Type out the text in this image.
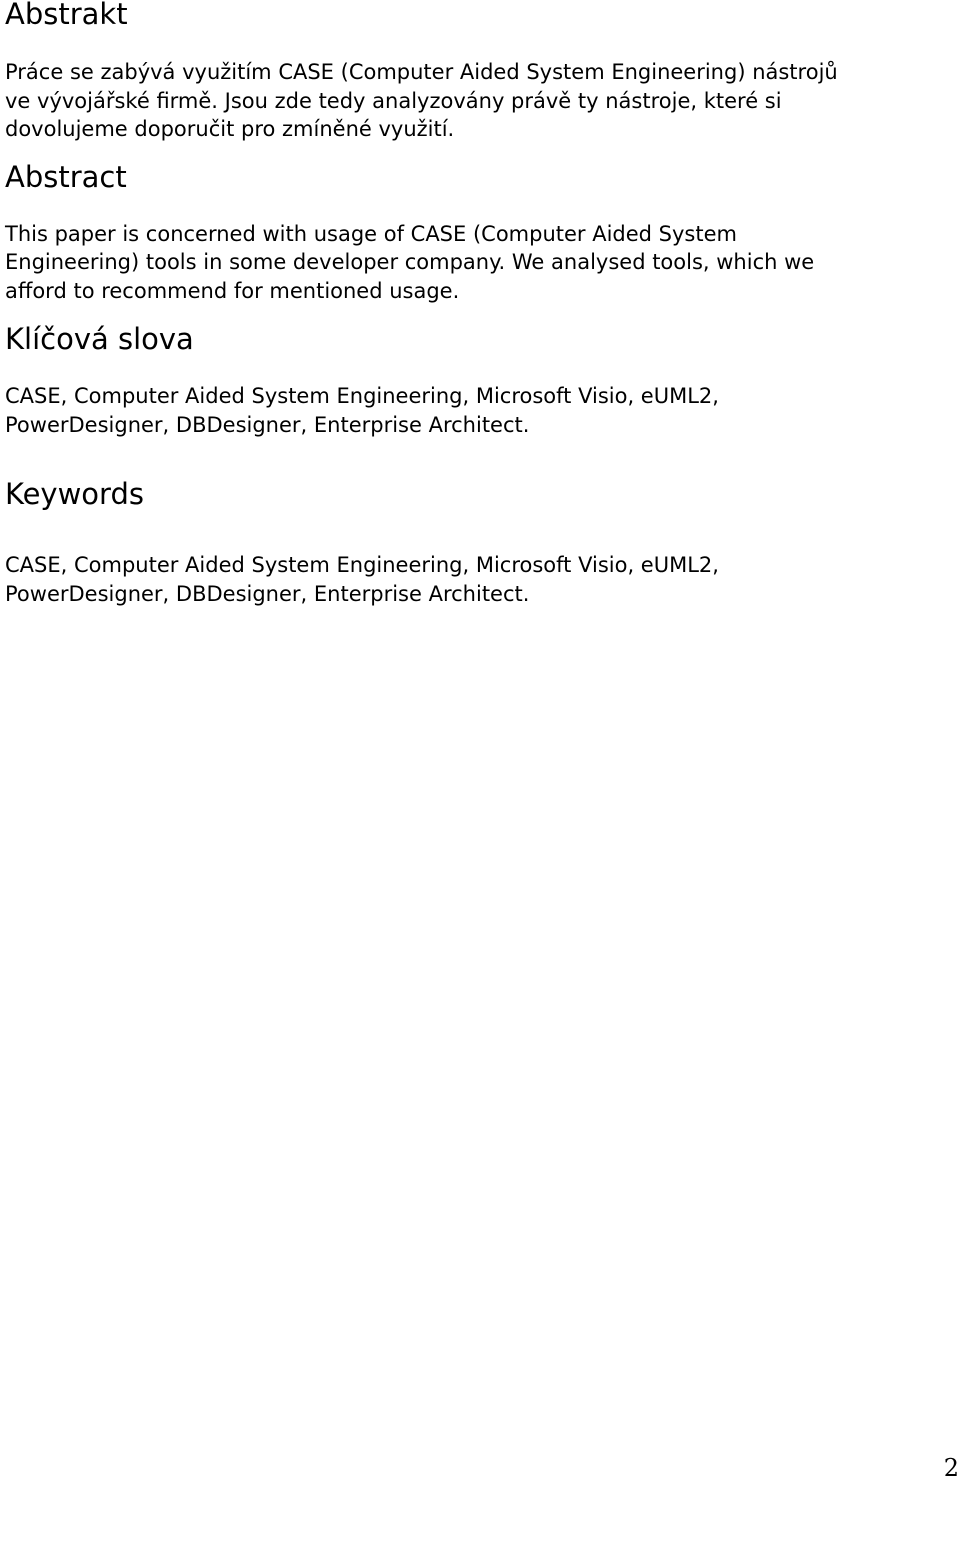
Abstrakt

Práce se zabývá využitím CASE (Computer Aided System Engineering) nástrojů
ve vývojářské firmě. Jsou zde tedy analyzovány právě ty nástroje, které si
dovolujeme doporučit pro zmíněné využití.

Abstract

This paper is concerned with usage of CASE (Computer Aided System
Engineering) tools in some developer company. We analysed tools, which we
afford to recommend for mentioned usage.

Klíčová slova

CASE, Computer Aided System Engineering, Microsoft Visio, eUML2,
PowerDesigner, DBDesigner, Enterprise Architect.

Keywords

CASE, Computer Aided System Engineering, Microsoft Visio, eUML2,
PowerDesigner, DBDesigner, Enterprise Architect.

2
